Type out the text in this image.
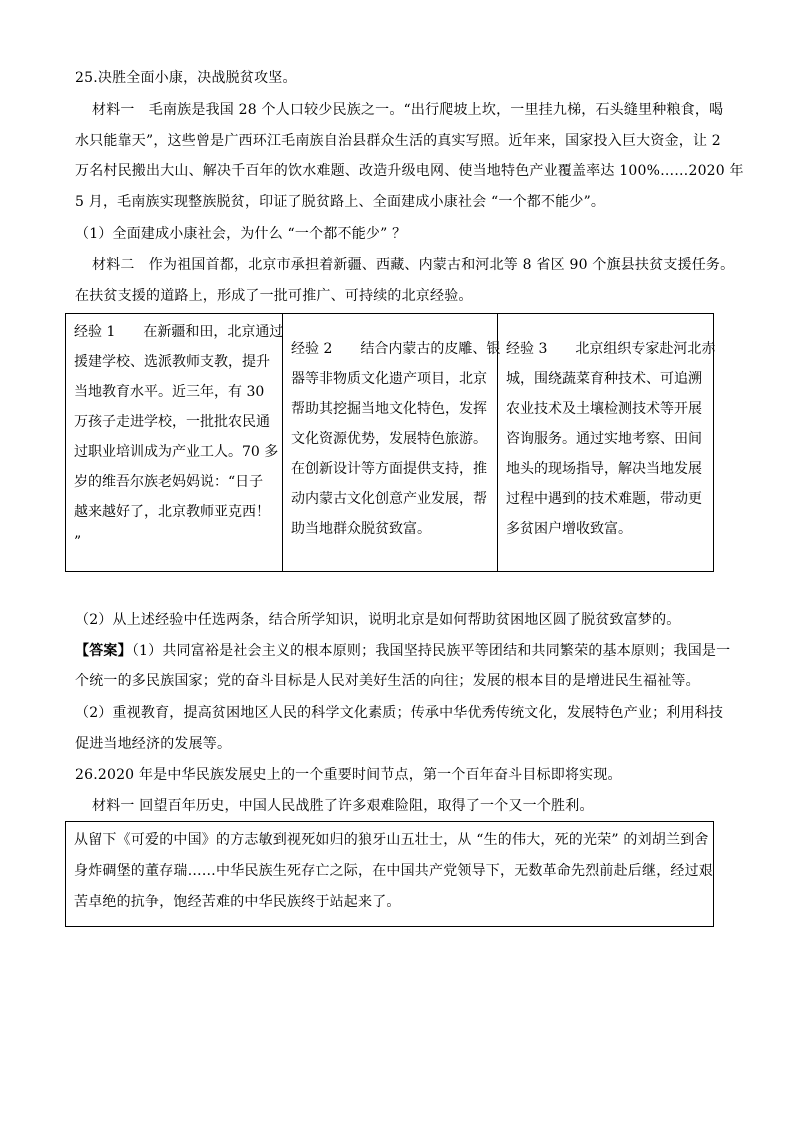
25.决胜全面小康，决战脱贫攻坚。
材料一　毛南族是我国 28 个人口较少民族之一。“出行爬坡上坎，一里挂九梯，石头缝里种粮食，喝
水只能靠天”，这些曾是广西环江毛南族自治县群众生活的真实写照。近年来，国家投入巨大资金，让 2
万名村民搬出大山、解决千百年的饮水难题、改造升级电网、使当地特色产业覆盖率达 100%……2020 年
5 月，毛南族实现整族脱贫，印证了脱贫路上、全面建成小康社会 “一个都不能少”。
（1）全面建成小康社会，为什么 “一个都不能少” ？
材料二　作为祖国首都，北京市承担着新疆、西藏、内蒙古和河北等 8 省区 90 个旗县扶贫支援任务。
在扶贫支援的道路上，形成了一批可推广、可持续的北京经验。
经验 1　　在新疆和田，北京通过
援建学校、选派教师支教，提升
当地教育水平。近三年，有 30
万孩子走进学校，一批批农民通
过职业培训成为产业工人。70 多
岁的维吾尔族老妈妈说：“日子
越来越好了，北京教师亚克西！
”
经验 2　　结合内蒙古的皮雕、银
器等非物质文化遗产项目，北京
帮助其挖掘当地文化特色，发挥
文化资源优势，发展特色旅游。
在创新设计等方面提供支持，推
动内蒙古文化创意产业发展，帮
助当地群众脱贫致富。
经验 3　　北京组织专家赴河北赤
城，围绕蔬菜育种技术、可追溯
农业技术及土壤检测技术等开展
咨询服务。通过实地考察、田间
地头的现场指导，解决当地发展
过程中遇到的技术难题，带动更
多贫困户增收致富。
（2）从上述经验中任选两条，结合所学知识，说明北京是如何帮助贫困地区圆了脱贫致富梦的。
【答案】（1）共同富裕是社会主义的根本原则；我国坚持民族平等团结和共同繁荣的基本原则；我国是一
个统一的多民族国家；党的奋斗目标是人民对美好生活的向往；发展的根本目的是增进民生福祉等。
（2）重视教育，提高贫困地区人民的科学文化素质；传承中华优秀传统文化，发展特色产业；利用科技
促进当地经济的发展等。
26.2020 年是中华民族发展史上的一个重要时间节点，第一个百年奋斗目标即将实现。
材料一 回望百年历史，中国人民战胜了许多艰难险阻，取得了一个又一个胜利。
从留下《可爱的中国》的方志敏到视死如归的狼牙山五壮士，从 “生的伟大，死的光荣” 的刘胡兰到舍
身炸碉堡的董存瑞……中华民族生死存亡之际，在中国共产党领导下，无数革命先烈前赴后继，经过艰
苦卓绝的抗争，饱经苦难的中华民族终于站起来了。
